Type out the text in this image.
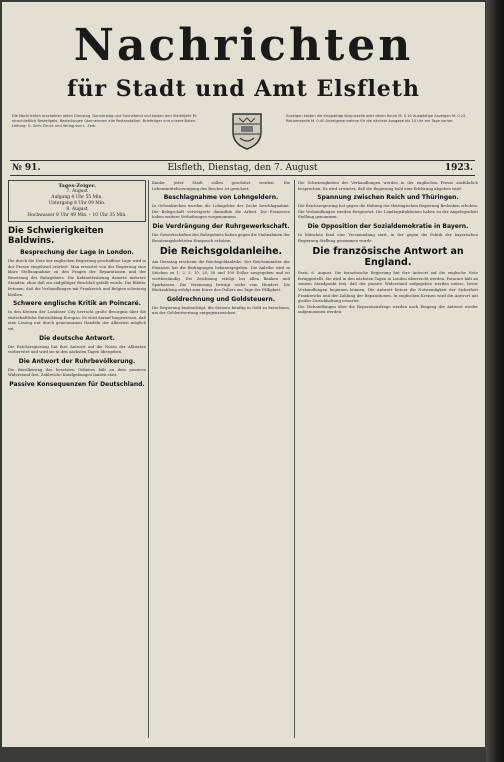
Nachrichten
für Stadt und Amt Elsfleth
Die Nachrichten erscheinen jeden Dienstag, Donnerstag und Sonnabend und kosten den Vierteljahr M. einschließlich Bestellgeld. Bestellungen übernehmen alle Postanstalten, Briefträger und unsere Boten. Leitung: G. Zeih. Druck und Verlag von L. Zeih.
Anzeigen kosten die einspaltige Korpuszeile oder deren Raum M. 0.10 Auswärtige Anzeigen M. 0.15, Reklamezeile M. 0.40 Anzeigenannahme für die nächste Ausgabe bis 10 Uhr am Tage vorher.
№ 91.	Elsfleth, Dienstag, den 7. August	1923.
Tages-Zeiger.
7. August
Aufgang 4 Uhr 55 Min.
Untergang 8 Uhr 09 Min.
8. August
Hochwasser 8 Uhr 49 Min. – 10 Uhr 35 Min.
Die Schwierigkeiten Baldwins.
Besprechung der Lage in London.
Die durch die Note der englischen Regierung geschaffene Lage wird in der Presse eingehend erörtert. Man erwartet von der Regierung eine klare Stellungnahme zu den Fragen der Reparationen und der Besetzung des Ruhrgebiets. Die Kabinettssitzung dauerte mehrere Stunden, ohne daß ein endgültiger Beschluß gefaßt wurde. Die Blätter betonen, daß die Verhandlungen mit Frankreich und Belgien schwierig bleiben.
Schwere englische Kritik an Poincaré.
In den Kreisen der Londoner City herrscht große Besorgnis über die wirtschaftliche Entwicklung Europas. Es wird darauf hingewiesen, daß eine Lösung nur durch gemeinsames Handeln der Alliierten möglich sei.
Die deutsche Antwort.
Die Reichsregierung hat ihre Antwort auf die Noten der Alliierten vorbereitet und wird sie in den nächsten Tagen übergeben.
Die Antwort der Ruhrbevölkerung.
Die Bevölkerung des besetzten Gebietes hält an dem passiven Widerstand fest. Zahlreiche Kundgebungen fanden statt.
Passive Konsequenzen für Deutschland.
Kinder jeder Stadt sollen geschützt werden. Die Lebensmittelversorgung des Reiches ist gesichert.
Beschlagnahme von Lohngeldern.
In Gelsenkirchen wurden die Lohngelder der Zeche beschlagnahmt. Die Belegschaft verweigerte daraufhin die Arbeit. Die Franzosen haben weitere Verhaftungen vorgenommen.
Die Verdrängung der Ruhrgewerkschaft.
Die Gewerkschaften des Ruhrgebiets haben gegen die Maßnahmen der Besatzungsbehörden Einspruch erhoben.
Die Reichsgoldanleihe.
Am Dienstag erscheint die Reichsgoldanleihe. Der Reichsminister der Finanzen hat die Bedingungen bekanntgegeben. Die Anleihe wird in Stücken zu 1, 2, 5, 10, 20, 50 und 100 Dollar ausgegeben und ist wertbeständig. Die Zeichnung erfolgt bei allen Banken und Sparkassen. Die Verzinsung beträgt sechs vom Hundert. Die Rückzahlung erfolgt zum Kurse des Dollars am Tage der Fälligkeit.
Goldrechnung und Goldsteuern.
Die Regierung beabsichtigt, die Steuern künftig in Gold zu berechnen, um der Geldentwertung entgegenzuwirken.
Die Schwierigkeiten der Verhandlungen werden in der englischen Presse ausführlich besprochen. Es wird erwartet, daß die Regierung bald eine Erklärung abgeben wird.
Spannung zwischen Reich und Thüringen.
Die Reichsregierung hat gegen die Haltung der thüringischen Regierung Bedenken erhoben. Die Verhandlungen werden fortgesetzt. Die Landtagsfraktionen haben zu der Angelegenheit Stellung genommen.
Die Opposition der Sozialdemokratie in Bayern.
In München fand eine Versammlung statt, in der gegen die Politik der bayerischen Regierung Stellung genommen wurde.
Die französische Antwort an England.
Paris, 6. August. Die französische Regierung hat ihre Antwort auf die englische Note fertiggestellt. Sie wird in den nächsten Tagen in London überreicht werden. Poincaré hält an seinem Standpunkt fest, daß der passive Widerstand aufgegeben werden müsse, bevor Verhandlungen beginnen können. Die Antwort betont die Notwendigkeit der Sicherheit Frankreichs und der Zahlung der Reparationen. In englischen Kreisen wird die Antwort mit großer Zurückhaltung erwartet.
Die Verhandlungen über die Reparationsfrage werden nach Eingang der Antwort wieder aufgenommen werden.
